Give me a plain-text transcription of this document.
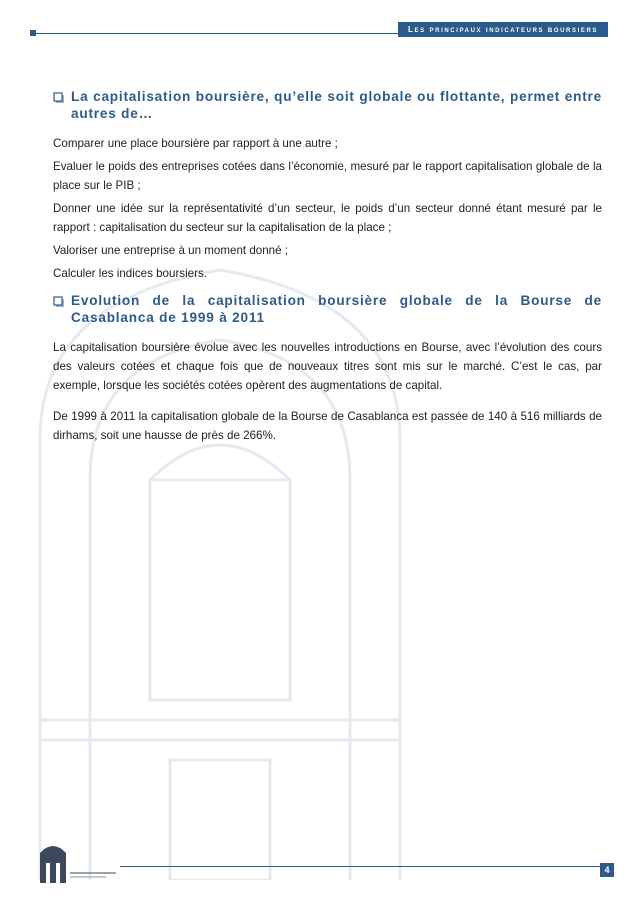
Les principaux indicateurs boursiers
La capitalisation boursière, qu’elle soit globale ou flottante, permet entre autres de…

Comparer une place boursière par rapport à une autre ;

Evaluer le poids des entreprises cotées dans l’économie, mesuré par le rapport capitalisation globale de la place sur le PIB ;

Donner une idée sur la représentativité d’un secteur, le poids d’un secteur donné étant mesuré par le rapport : capitalisation du secteur sur la capitalisation de la place ;

Valoriser une entreprise à un moment donné ;

Calculer les indices boursiers.

Evolution de la capitalisation boursière globale de la Bourse de Casablanca de 1999 à 2011

La capitalisation boursière évolue avec les nouvelles introductions en Bourse, avec l’évolution des cours des valeurs cotées et chaque fois que de nouveaux titres sont mis sur le marché. C’est le cas, par exemple, lorsque les sociétés cotées opèrent des augmentations de capital.

De 1999 à 2011 la capitalisation globale de la Bourse de Casablanca est passée de 140 à 516 milliards de dirhams, soit une hausse de près de 266%.

4
